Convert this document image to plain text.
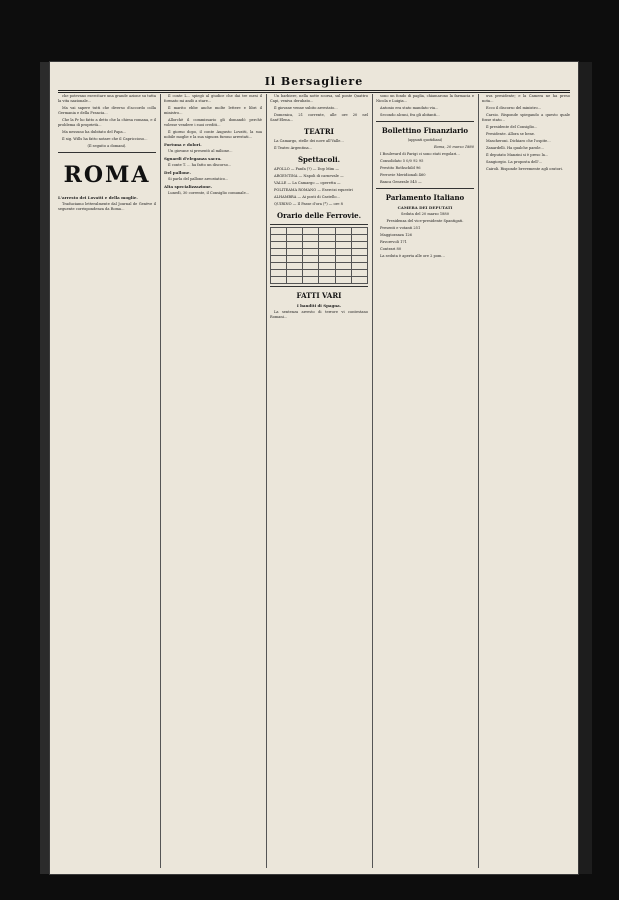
Il Bersagliere

che potevano esercitare una grande azione su tutta la vita nazionale...

Ma vai sapere tutti che diverso d'accordo colla Germania e della Francia...

Che la Pr ho fatto a detto che la chiesa romana, e il problema di proprietà...

Ma nessuno ha dubitato del Papa...

Il sig. Wills ha fatto notare che il Capriccioso...

(Il seguito a domani).

ROMA

L'arresto dei Lovatti e della moglie.

Traduciamo letteralmente dal Journal de Genève il seguente corrispondenza da Roma...

Il conte L... spiegò al giudice che dai tre mesi il formato mi andò a stare...

Il marito ebbe anche molte lettere e libri il ministro...

Allorchè il commissario gli domandò perchè volesse vendere i suoi crediti...

Il giorno dopo, il conte Augusto Lovatti, la sua nobile moglie e la sua signora furono arrestati...

Fortuna e dolori.

Un giovane si presentò al milione...

Sguardi d'eleganza sacra.

Il conte T. ... ha fatto un discorso...

Del pallone.

Si parla del pallone areostatico...

Alta specializzazione.

Lunedì, 30 corrente, il Consiglio comunale...

Un barbiere, nella notte scorsa, sul ponte Quattro Capi, veniva derubato...

Il giovane venne subito arrestato...

Domenica, 21 corrente, alle ore 20 nel Sant'Elena...

TEATRI

La Camargo, stelle dei nove all'Valle...

Il Teatro Argentina...

Spettacoli.

APOLLO — Fanfa (?) — Dop Mim —

ARGENTINA — Napoli di carnevale —

VALLE — La Camargo — operetta —

POLITEAMA ROMANO — Esercizi equestri

ALHAMBRA — Ai posti di Castello...

QUIRINO — Il Passe d'ora (*) — ore 8

Orario delle Ferrovie.

FATTI VARI

I banditi di Spagna.

La sentenza arresto di terrore vi contestano Romani...

sono un fondo di paglia, chiamarono la farmacia e Nicola e Luigia...

Antonio era stato mandato via...

Secondo alcuni, fra gli abitanti...

Bollettino Finanziario

(appunti quotidiani)

Roma, 20 marzo 1880

I Boulevard di Parigi ci sono stati regolari...

Consolidato 5 0/0 92 95

Prestito Rothschild 96

Ferrovie Meridionali 460

Banca Generale 545 —

Parlamento Italiano

CAMERA DEI DEPUTATI

Seduta del 20 marzo 1880

Presidenza del vice-presidente Spantigati.

Presenti e votanti 251

Maggioranza 126

Favorevoli 171

Contrari 80

La seduta è aperta alle ore 2 pom...

uva presidente; e la Camera ne ha preso nota...

Ecco il discorso del ministro...

Carsio. Risponde spiegando a questo quale fosse stato...

Il presidente del Consiglio...

Presidente. Allora se bene.

Mascheroni. Dichiaro che l'ospite...

Zanardelli. Ha qualche parole...

Il deputato Manzini si è preso la...

Sangiorgio. La proposta dell'...

Cairoli. Risponde brevemente agli oratori.
